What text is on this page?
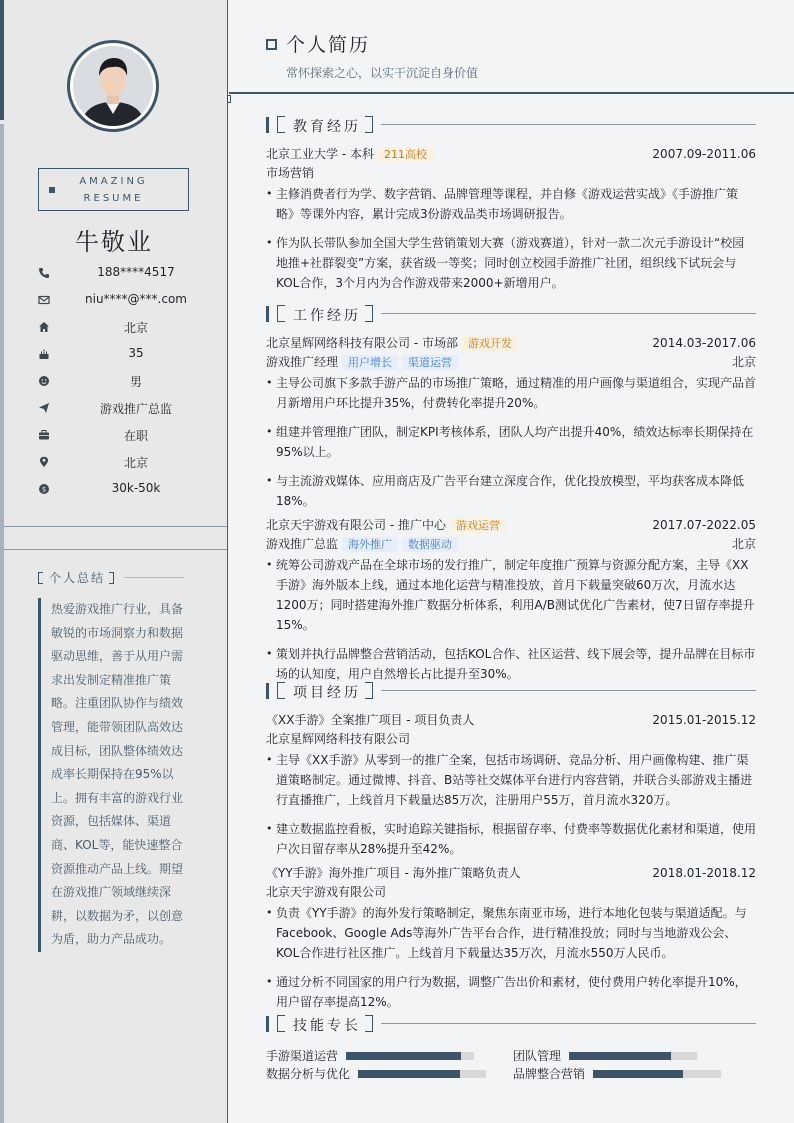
AMAZING
RESUME
牛敬业
188****4517
niu****@***.com
北京
35
男
游戏推广总监
在职
北京
$	30k-50k
个人总结
热爱游戏推广行业，具备敏锐的市场洞察力和数据驱动思维，善于从用户需求出发制定精准推广策略。注重团队协作与绩效管理，能带领团队高效达成目标，团队整体绩效达成率长期保持在95%以上。拥有丰富的游戏行业资源，包括媒体、渠道商、KOL等，能快速整合资源推动产品上线。期望在游戏推广领域继续深耕，以数据为矛，以创意为盾，助力产品成功。
个人简历
常怀探索之心，以实干沉淀自身价值
教育经历
北京工业大学 - 本科 211高校	2007.09-2011.06
市场营销
• 主修消费者行为学、数字营销、品牌管理等课程，并自修《游戏运营实战》《手游推广策略》等课外内容，累计完成3份游戏品类市场调研报告。
• 作为队长带队参加全国大学生营销策划大赛（游戏赛道），针对一款二次元手游设计“校园地推+社群裂变”方案，获省级一等奖；同时创立校园手游推广社团，组织线下试玩会与KOL合作，3个月内为合作游戏带来2000+新增用户。
工作经历
北京星辉网络科技有限公司 - 市场部 游戏开发	2014.03-2017.06
游戏推广经理 用户增长 渠道运营	北京
• 主导公司旗下多款手游产品的市场推广策略，通过精准的用户画像与渠道组合，实现产品首月新增用户环比提升35%，付费转化率提升20%。
• 组建并管理推广团队，制定KPI考核体系，团队人均产出提升40%，绩效达标率长期保持在95%以上。
• 与主流游戏媒体、应用商店及广告平台建立深度合作，优化投放模型，平均获客成本降低18%。
北京天宇游戏有限公司 - 推广中心 游戏运营	2017.07-2022.05
游戏推广总监 海外推广 数据驱动	北京
• 统筹公司游戏产品在全球市场的发行推广，制定年度推广预算与资源分配方案，主导《XX手游》海外版本上线，通过本地化运营与精准投放，首月下载量突破60万次，月流水达1200万；同时搭建海外推广数据分析体系，利用A/B测试优化广告素材，使7日留存率提升15%。
• 策划并执行品牌整合营销活动，包括KOL合作、社区运营、线下展会等，提升品牌在目标市场的认知度，用户自然增长占比提升至30%。
项目经历
《XX手游》全案推广项目 - 项目负责人	2015.01-2015.12
北京星辉网络科技有限公司
• 主导《XX手游》从零到一的推广全案，包括市场调研、竞品分析、用户画像构建、推广渠道策略制定。通过微博、抖音、B站等社交媒体平台进行内容营销，并联合头部游戏主播进行直播推广，上线首月下载量达85万次，注册用户55万，首月流水320万。
• 建立数据监控看板，实时追踪关键指标，根据留存率、付费率等数据优化素材和渠道，使用户次日留存率从28%提升至42%。
《YY手游》海外推广项目 - 海外推广策略负责人	2018.01-2018.12
北京天宇游戏有限公司
• 负责《YY手游》的海外发行策略制定，聚焦东南亚市场，进行本地化包装与渠道适配。与Facebook、Google Ads等海外广告平台合作，进行精准投放；同时与当地游戏公会、KOL合作进行社区推广。上线首月下载量达35万次，月流水550万人民币。
• 通过分析不同国家的用户行为数据，调整广告出价和素材，使付费用户转化率提升10%，用户留存率提高12%。
技能专长
手游渠道运营	团队管理
数据分析与优化	品牌整合营销
